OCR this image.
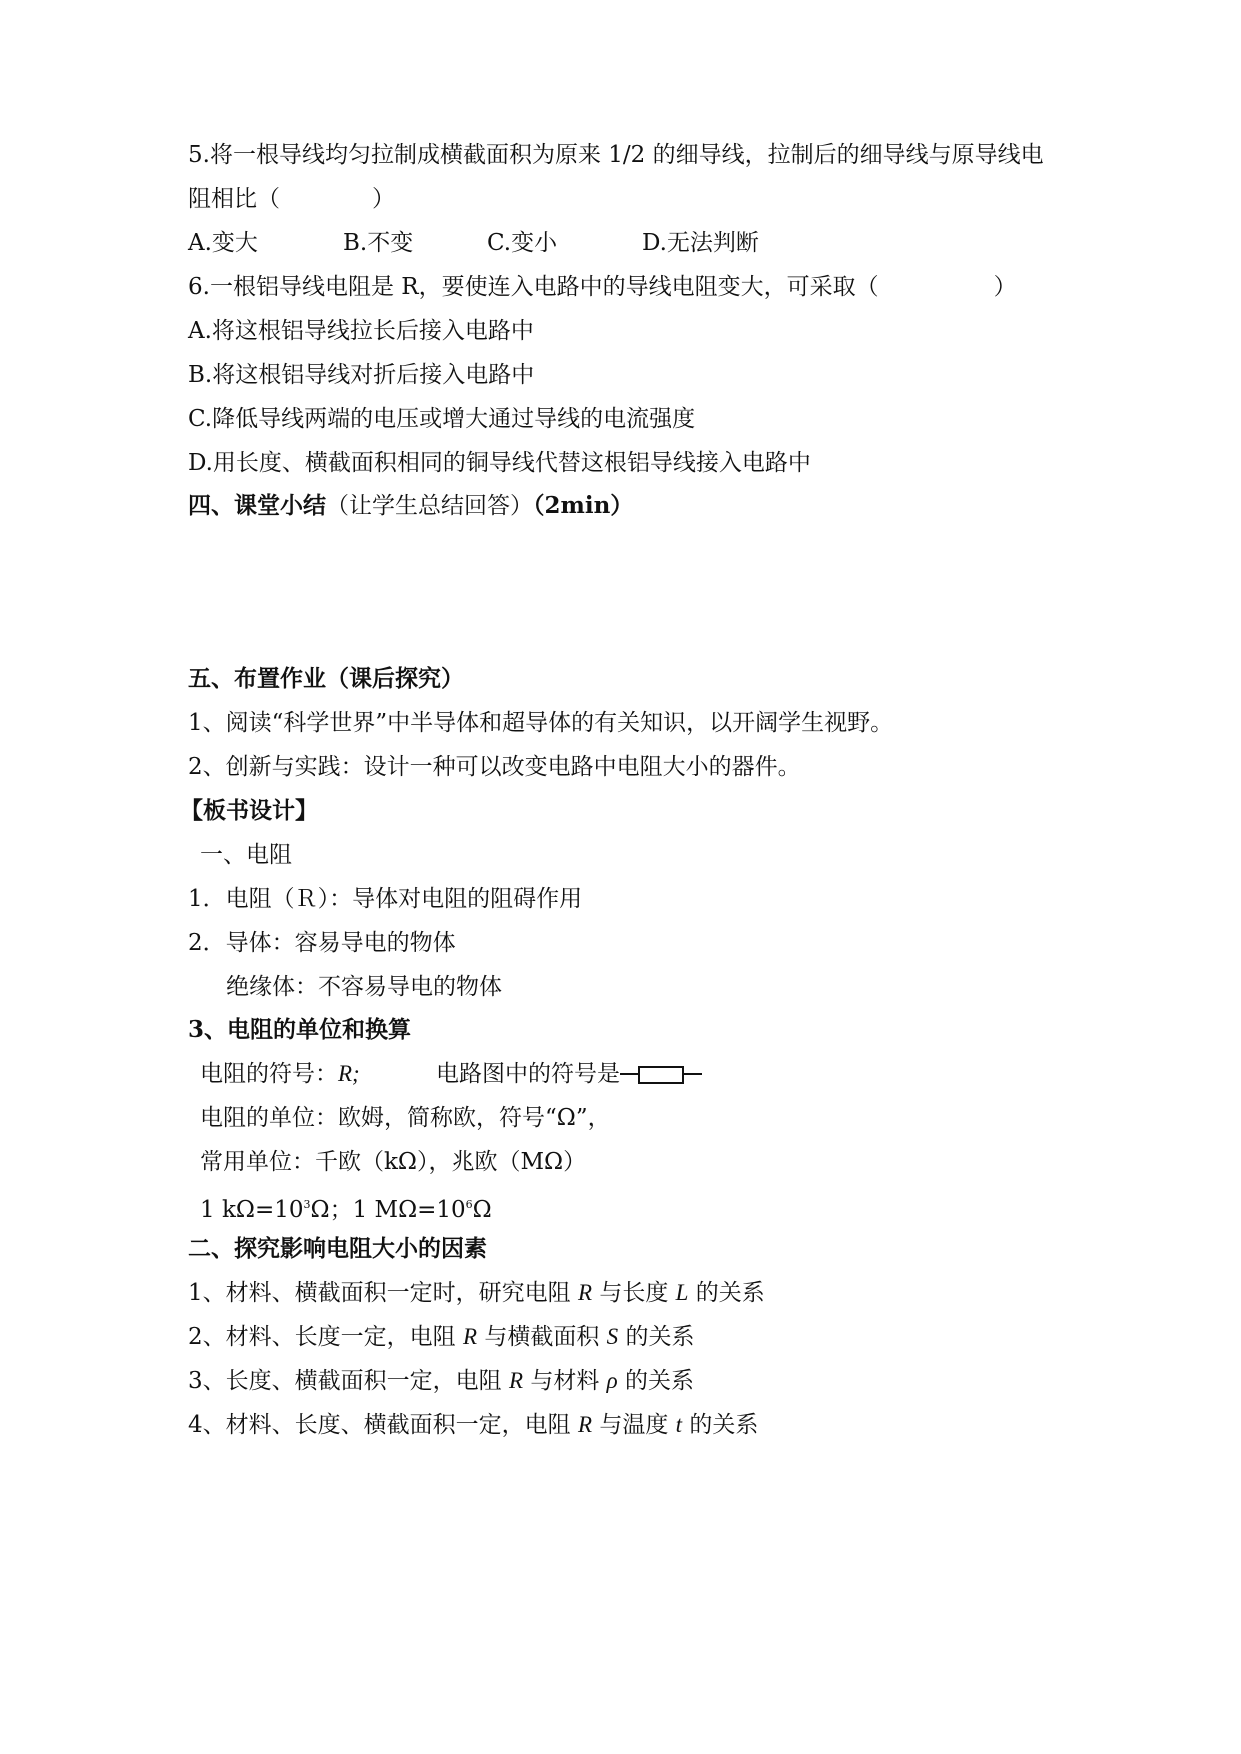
5.将一根导线均匀拉制成横截面积为原来 1/2 的细导线，拉制后的细导线与原导线电
阻相比（　　　　）
A.变大	B.不变	C.变小	D.无法判断
6.一根铝导线电阻是 R，要使连入电路中的导线电阻变大，可采取（　　　　　）
A.将这根铝导线拉长后接入电路中
B.将这根铝导线对折后接入电路中
C.降低导线两端的电压或增大通过导线的电流强度
D.用长度、横截面积相同的铜导线代替这根铝导线接入电路中
四、课堂小结（让学生总结回答）（2min）
五、布置作业（课后探究）
1、阅读“科学世界”中半导体和超导体的有关知识，以开阔学生视野。
2、创新与实践：设计一种可以改变电路中电阻大小的器件。
【板书设计】
一、电阻
1．电阻（Ｒ）：导体对电阻的阻碍作用
2．导体：容易导电的物体
绝缘体：不容易导电的物体
3、电阻的单位和换算
电阻的符号：R;	电路图中的符号是
电阻的单位：欧姆，简称欧，符号“Ω”，
常用单位：千欧（kΩ），兆欧（MΩ）
1 $k\Omega=10^3\Omega$；1 $M\Omega=10^6\Omega$
二、探究影响电阻大小的因素
1、材料、横截面积一定时，研究电阻 R 与长度 L 的关系
2、材料、长度一定，电阻 R 与横截面积 S 的关系
3、长度、横截面积一定，电阻 R 与材料 ρ 的关系
4、材料、长度、横截面积一定，电阻 R 与温度 t 的关系
